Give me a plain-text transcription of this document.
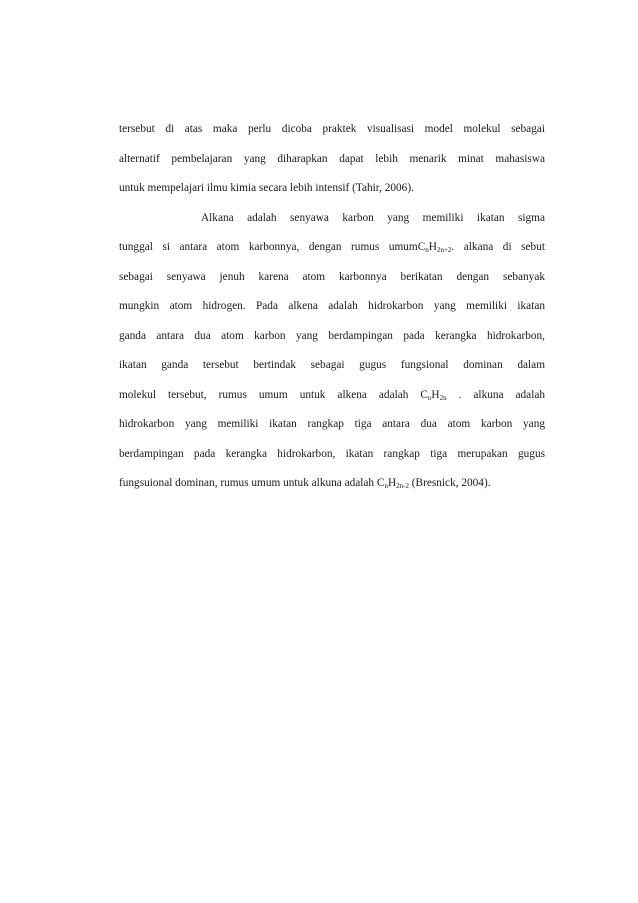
tersebut di atas maka perlu dicoba praktek visualisasi model molekul sebagai
alternatif pembelajaran yang diharapkan dapat lebih menarik minat mahasiswa
untuk mempelajari ilmu kimia secara lebih intensif (Tahir, 2006).
Alkana adalah senyawa karbon yang memiliki ikatan sigma
tunggal si antara atom karbonnya, dengan rumus $umumC_nH_{2n+2}$. alkana di sebut
sebagai senyawa jenuh karena atom karbonnya berikatan dengan sebanyak
mungkin atom hidrogen. Pada alkena adalah hidrokarbon yang memiliki ikatan
ganda antara dua atom karbon yang berdampingan pada kerangka hidrokarbon,
ikatan ganda tersebut bertindak sebagai gugus fungsional dominan dalam
molekul tersebut, rumus umum untuk alkena adalah $C_nH_{2n}$ . alkuna adalah
hidrokarbon yang memiliki ikatan rangkap tiga antara dua atom karbon yang
berdampingan pada kerangka hidrokarbon, ikatan rangkap tiga merupakan gugus
fungsuional dominan, rumus umum untuk alkuna adalah $C_nH_{2n-2}$ (Bresnick, 2004).
